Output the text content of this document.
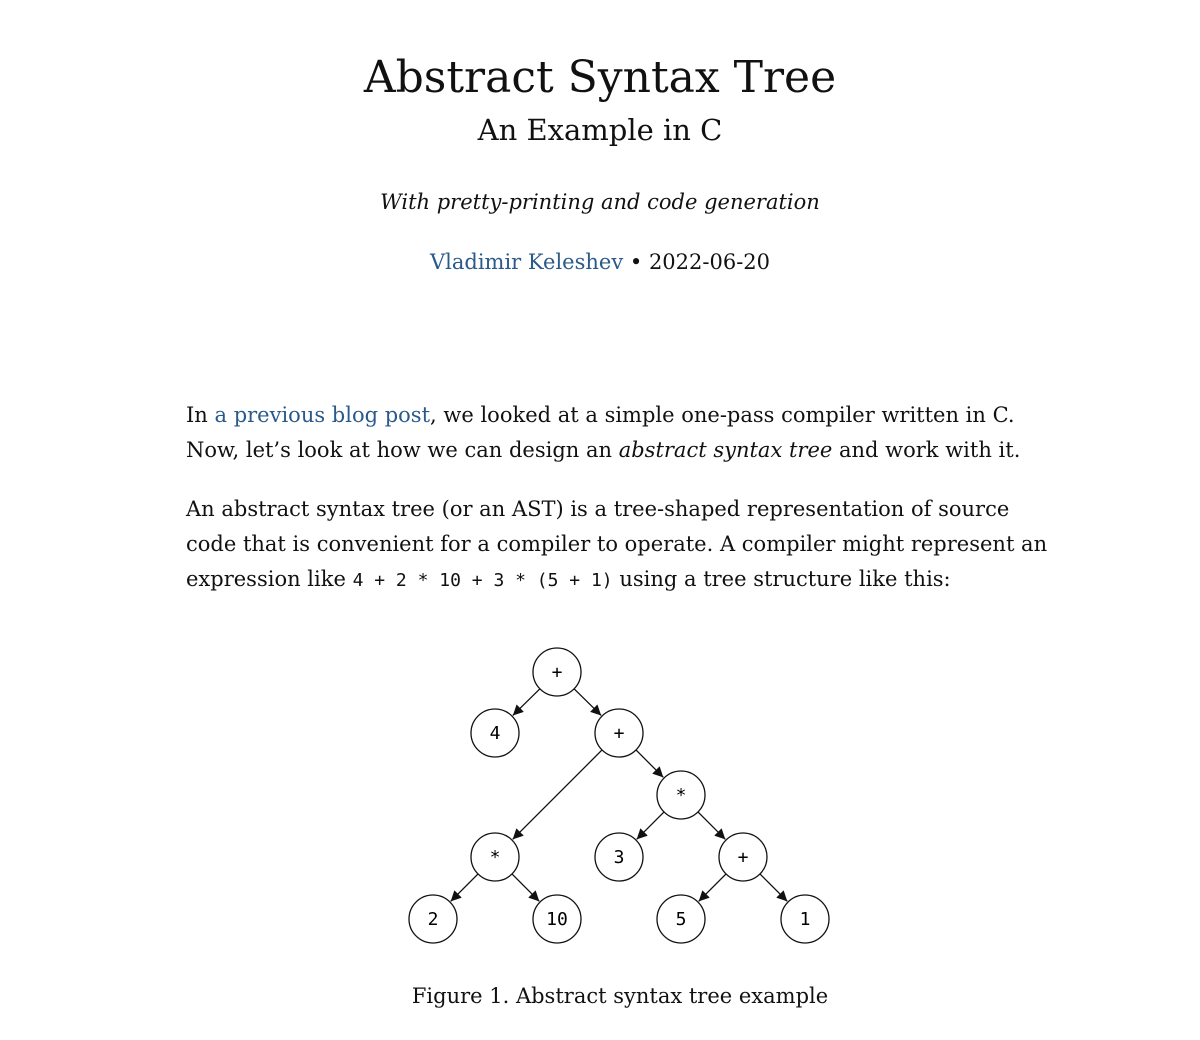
Abstract Syntax Tree
An Example in C
With pretty-printing and code generation
Vladimir Keleshev • 2022-06-20

In a previous blog post, we looked at a simple one-pass compiler written in C. Now, let’s look at how we can design an abstract syntax tree and work with it.

An abstract syntax tree (or an AST) is a tree-shaped representation of source code that is convenient for a compiler to operate. A compiler might represent an expression like 4 + 2 * 10 + 3 * (5 + 1) using a tree structure like this:

+
4	+
*
*	3	+
2	10	5	1
Figure 1. Abstract syntax tree example
